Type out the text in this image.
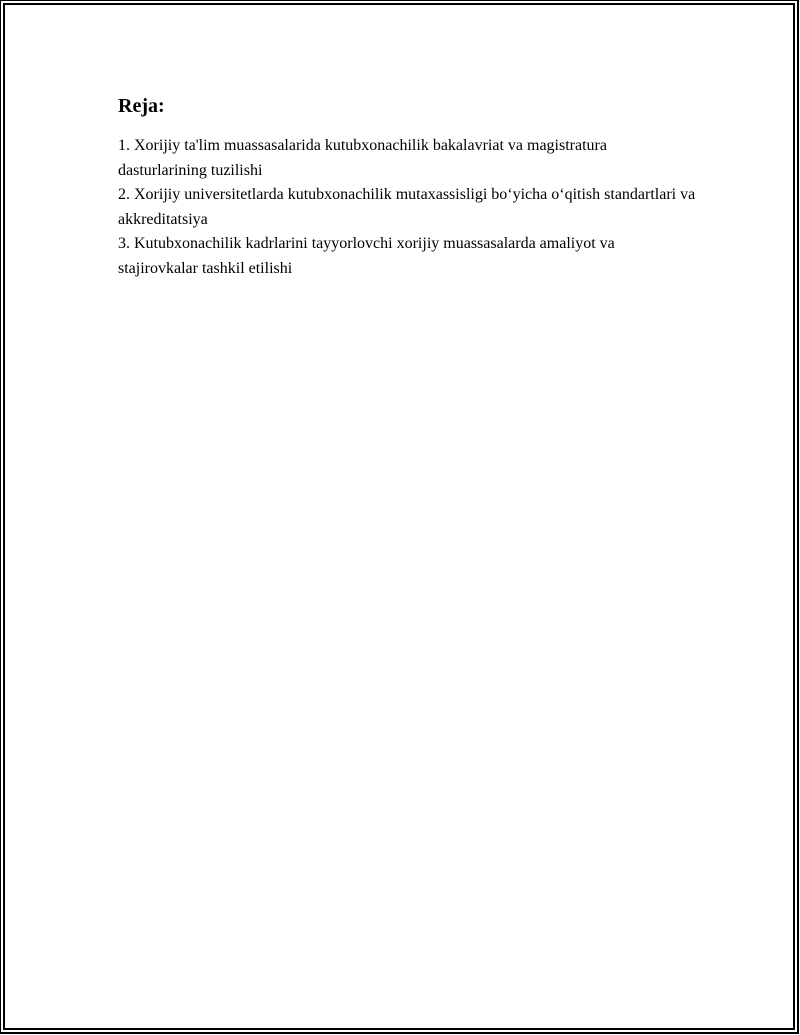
Reja:

1. Xorijiy ta'lim muassasalarida kutubxonachilik bakalavriat va magistratura dasturlarining tuzilishi

2. Xorijiy universitetlarda kutubxonachilik mutaxassisligi bo‘yicha o‘qitish standartlari va akkreditatsiya

3. Kutubxonachilik kadrlarini tayyorlovchi xorijiy muassasalarda amaliyot va stajirovkalar tashkil etilishi
